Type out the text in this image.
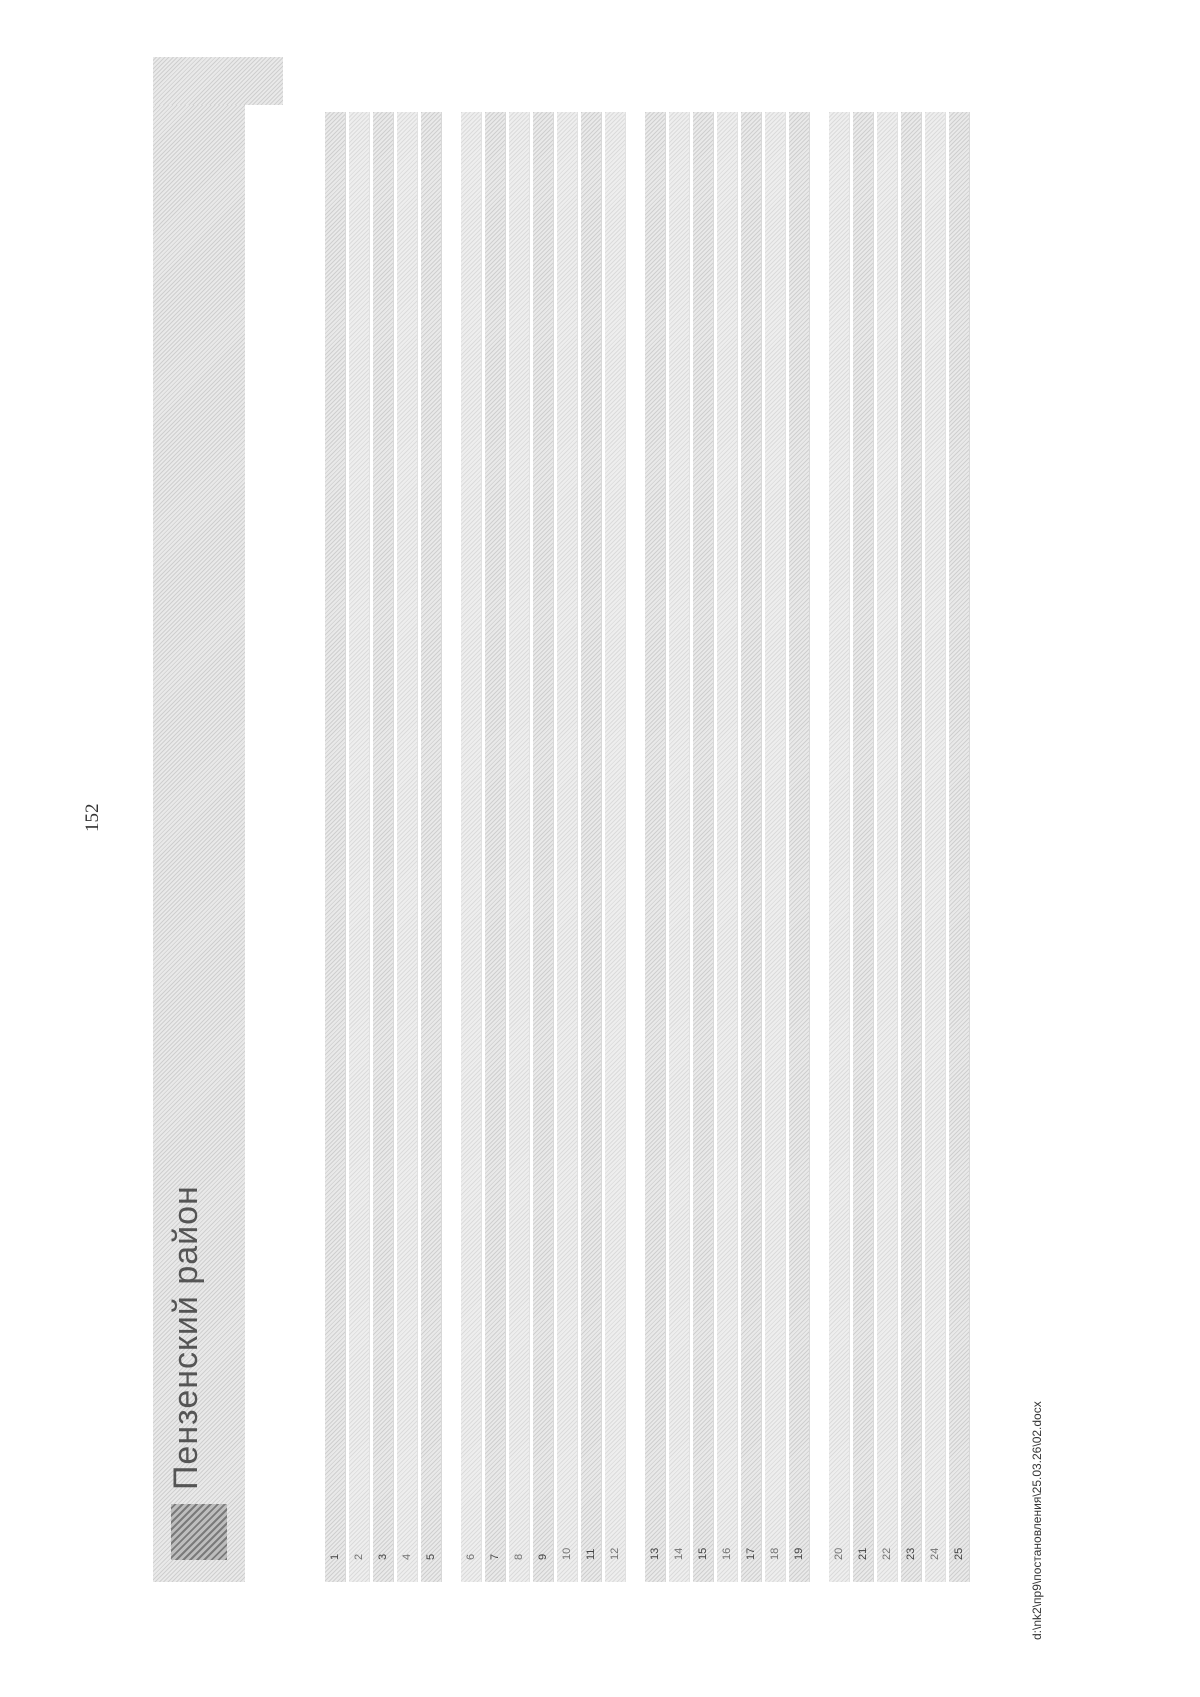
152
Пензенский район
1	2	3	4	5	6	7	8	9	10	11	12	13	14	15	16	17	18	19	20	21	22	23	24	25	d:\nk2\пр9\постановления\25.03.26\02.docx
